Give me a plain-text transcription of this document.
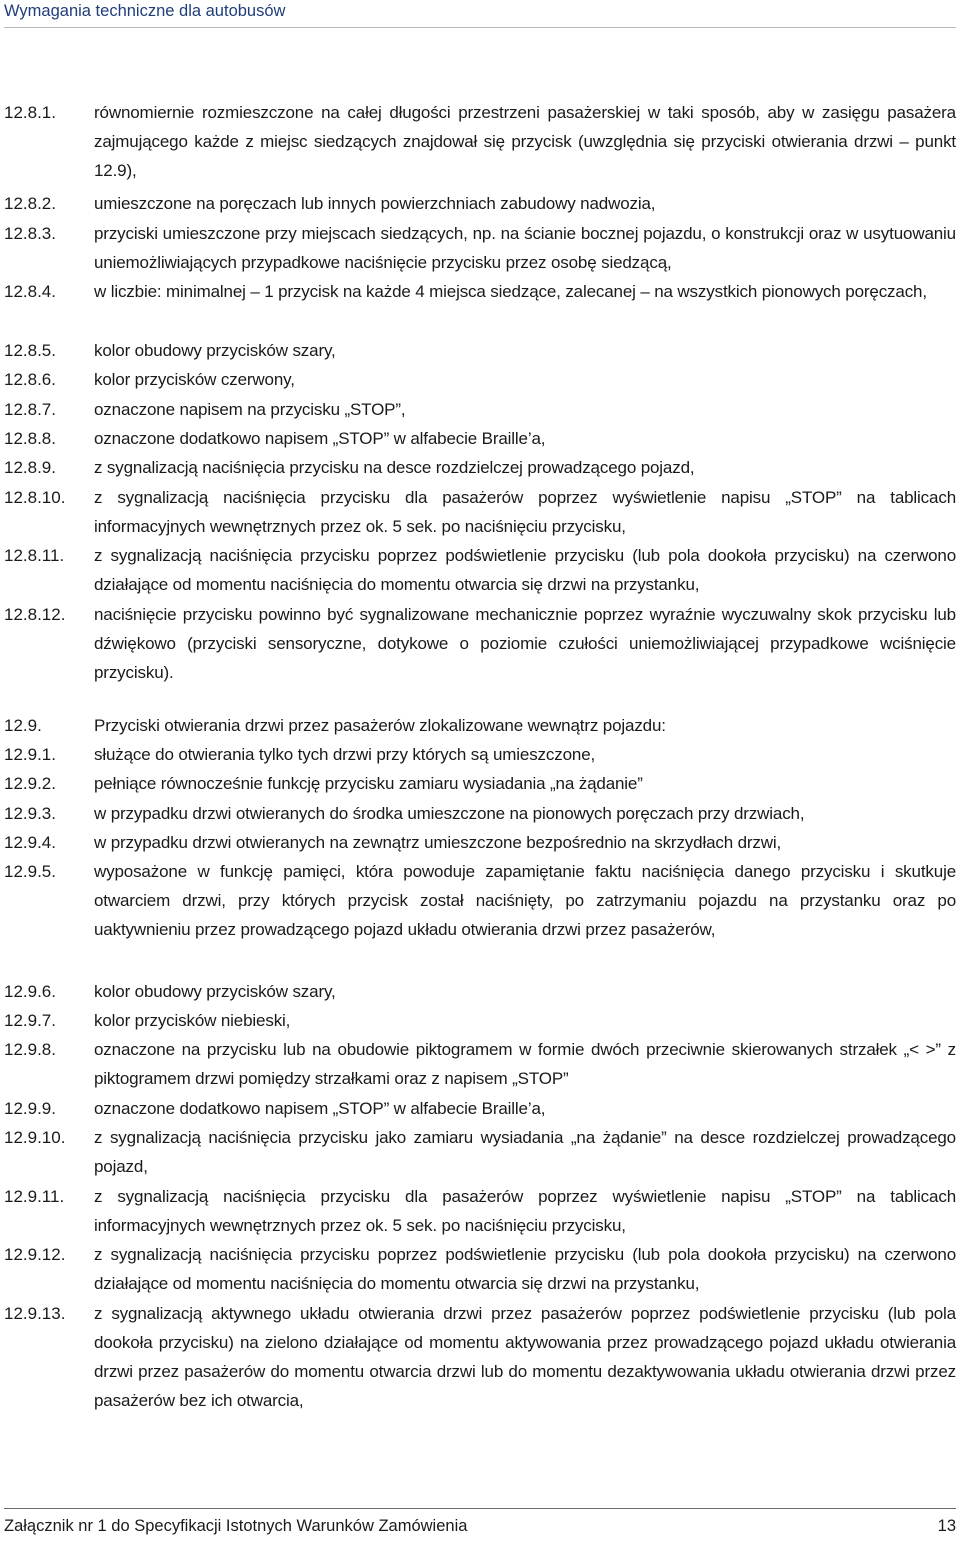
Wymagania techniczne dla autobusów
12.8.1.	równomiernie rozmieszczone na całej długości przestrzeni pasażerskiej w taki sposób, aby w zasięgu pasażera zajmującego każde z miejsc siedzących znajdował się przycisk (uwzględnia się przyciski otwierania drzwi – punkt 12.9),
12.8.2.	umieszczone na poręczach lub innych powierzchniach zabudowy nadwozia,
12.8.3.	przyciski umieszczone przy miejscach siedzących, np. na ścianie bocznej pojazdu, o konstrukcji oraz w usytuowaniu uniemożliwiających przypadkowe naciśnięcie przycisku przez osobę siedzącą,
12.8.4.	w liczbie: minimalnej – 1 przycisk na każde 4 miejsca siedzące, zalecanej – na wszystkich pionowych poręczach,
12.8.5.	kolor obudowy przycisków szary,
12.8.6.	kolor przycisków czerwony,
12.8.7.	oznaczone napisem na przycisku „STOP”,
12.8.8.	oznaczone dodatkowo napisem „STOP” w alfabecie Braille’a,
12.8.9.	z sygnalizacją naciśnięcia przycisku na desce rozdzielczej prowadzącego pojazd,
12.8.10.	z sygnalizacją naciśnięcia przycisku dla pasażerów poprzez wyświetlenie napisu „STOP” na tablicach informacyjnych wewnętrznych przez ok. 5 sek. po naciśnięciu przycisku,
12.8.11.	z sygnalizacją naciśnięcia przycisku poprzez podświetlenie przycisku (lub pola dookoła przycisku) na czerwono działające od momentu naciśnięcia do momentu otwarcia się drzwi na przystanku,
12.8.12.	naciśnięcie przycisku powinno być sygnalizowane mechanicznie poprzez wyraźnie wyczuwalny skok przycisku lub dźwiękowo (przyciski sensoryczne, dotykowe o poziomie czułości uniemożliwiającej przypadkowe wciśnięcie przycisku).
12.9.	Przyciski otwierania drzwi przez pasażerów zlokalizowane wewnątrz pojazdu:
12.9.1.	służące do otwierania tylko tych drzwi przy których są umieszczone,
12.9.2.	pełniące równocześnie funkcję przycisku zamiaru wysiadania „na żądanie”
12.9.3.	w przypadku drzwi otwieranych do środka umieszczone na pionowych poręczach przy drzwiach,
12.9.4.	w przypadku drzwi otwieranych na zewnątrz umieszczone bezpośrednio na skrzydłach drzwi,
12.9.5.	wyposażone w funkcję pamięci, która powoduje zapamiętanie faktu naciśnięcia danego przycisku i skutkuje otwarciem drzwi, przy których przycisk został naciśnięty, po zatrzymaniu pojazdu na przystanku oraz po uaktywnieniu przez prowadzącego pojazd układu otwierania drzwi przez pasażerów,
12.9.6.	kolor obudowy przycisków szary,
12.9.7.	kolor przycisków niebieski,
12.9.8.	oznaczone na przycisku lub na obudowie piktogramem w formie dwóch przeciwnie skierowanych strzałek „< >” z piktogramem drzwi pomiędzy strzałkami oraz z napisem „STOP”
12.9.9.	oznaczone dodatkowo napisem „STOP” w alfabecie Braille’a,
12.9.10.	z sygnalizacją naciśnięcia przycisku jako zamiaru wysiadania „na żądanie” na desce rozdzielczej prowadzącego pojazd,
12.9.11.	z sygnalizacją naciśnięcia przycisku dla pasażerów poprzez wyświetlenie napisu „STOP” na tablicach informacyjnych wewnętrznych przez ok. 5 sek. po naciśnięciu przycisku,
12.9.12.	z sygnalizacją naciśnięcia przycisku poprzez podświetlenie przycisku (lub pola dookoła przycisku) na czerwono działające od momentu naciśnięcia do momentu otwarcia się drzwi na przystanku,
12.9.13.	z sygnalizacją aktywnego układu otwierania drzwi przez pasażerów poprzez podświetlenie przycisku (lub pola dookoła przycisku) na zielono działające od momentu aktywowania przez prowadzącego pojazd układu otwierania drzwi przez pasażerów do momentu otwarcia drzwi lub do momentu dezaktywowania układu otwierania drzwi przez pasażerów bez ich otwarcia,
Załącznik nr 1 do Specyfikacji Istotnych Warunków Zamówienia	13
